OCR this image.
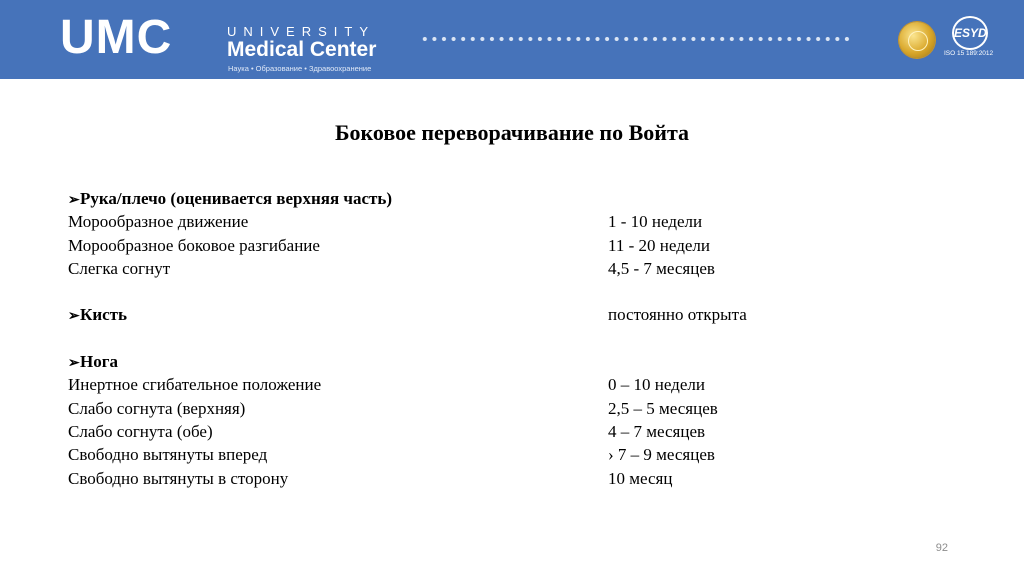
UMC	UNIVERSITY
Medical Center
Наука • Образование • Здравоохранение
ESYD
ISO 15 189:2012
Боковое переворачивание по Войта
➢Рука/плечо (оценивается верхняя часть)
Морообразное движение	1 - 10 недели
Морообразное боковое разгибание	11 - 20 недели
Слегка согнут	4,5 - 7 месяцев
➢Кисть	постоянно открыта
➢Нога
Инертное сгибательное положение	0 – 10 недели
Слабо согнута (верхняя)	2,5 – 5 месяцев
Слабо согнута (обе)	4 – 7 месяцев
Свободно вытянуты вперед	› 7 – 9 месяцев
Свободно вытянуты в сторону	10 месяц
92
